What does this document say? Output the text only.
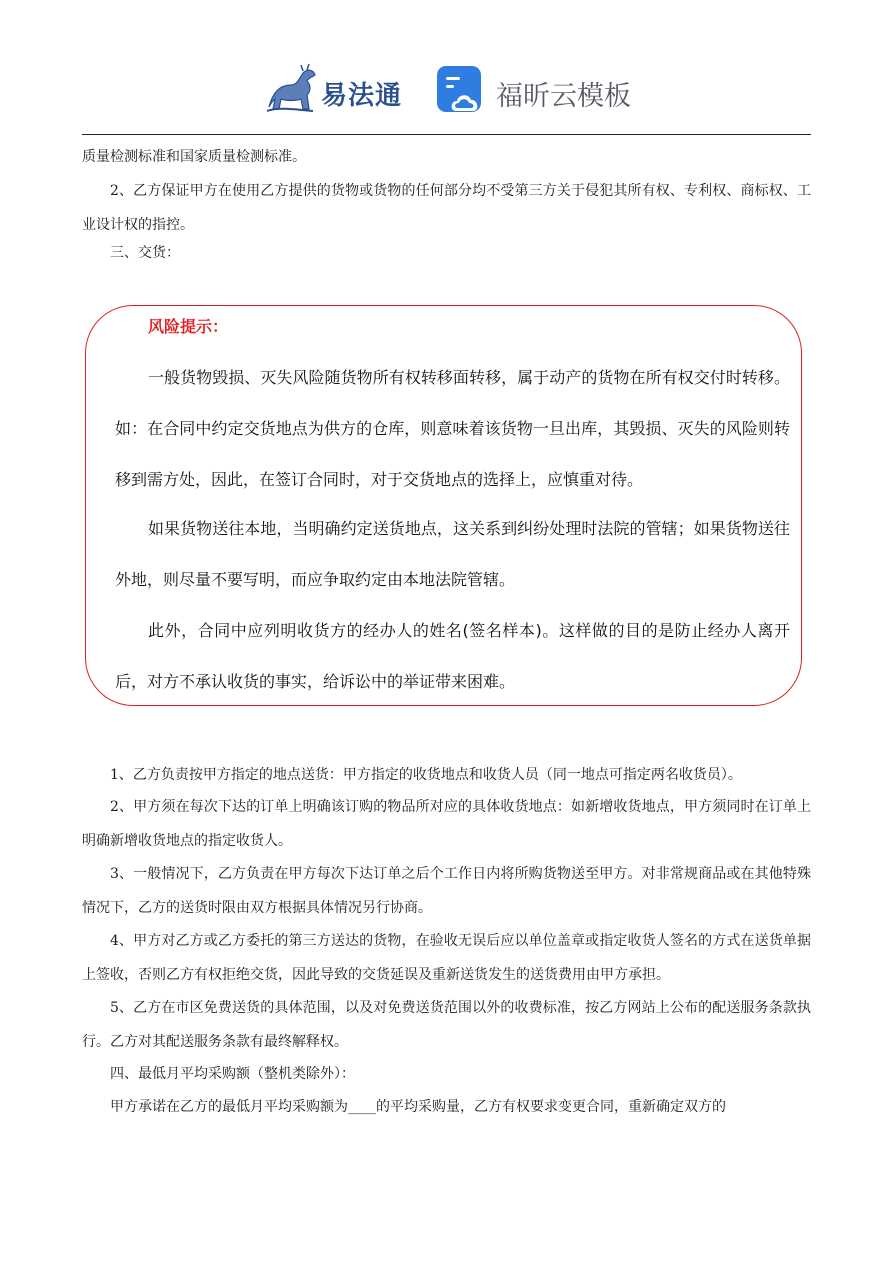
易法通	福昕云模板

质量检测标准和国家质量检测标准。

2、乙方保证甲方在使用乙方提供的货物或货物的任何部分均不受第三方关于侵犯其所有权、专利权、商标权、工业设计权的指控。

三、交货：

风险提示：

一般货物毁损、灭失风险随货物所有权转移面转移，属于动产的货物在所有权交付时转移。如：在合同中约定交货地点为供方的仓库，则意味着该货物一旦出库，其毁损、灭失的风险则转移到需方处，因此，在签订合同时，对于交货地点的选择上，应慎重对待。

如果货物送往本地，当明确约定送货地点，这关系到纠纷处理时法院的管辖；如果货物送往外地，则尽量不要写明，而应争取约定由本地法院管辖。

此外，合同中应列明收货方的经办人的姓名(签名样本)。这样做的目的是防止经办人离开后，对方不承认收货的事实，给诉讼中的举证带来困难。

1、乙方负责按甲方指定的地点送货：甲方指定的收货地点和收货人员（同一地点可指定两名收货员）。

2、甲方须在每次下达的订单上明确该订购的物品所对应的具体收货地点：如新增收货地点，甲方须同时在订单上明确新增收货地点的指定收货人。

3、一般情况下，乙方负责在甲方每次下达订单之后个工作日内将所购货物送至甲方。对非常规商品或在其他特殊情况下，乙方的送货时限由双方根据具体情况另行协商。

4、甲方对乙方或乙方委托的第三方送达的货物，在验收无误后应以单位盖章或指定收货人签名的方式在送货单据上签收，否则乙方有权拒绝交货，因此导致的交货延误及重新送货发生的送货费用由甲方承担。

5、乙方在市区免费送货的具体范围，以及对免费送货范围以外的收费标准，按乙方网站上公布的配送服务条款执行。乙方对其配送服务条款有最终解释权。

四、最低月平均采购额（整机类除外）：

甲方承诺在乙方的最低月平均采购额为____的平均采购量，乙方有权要求变更合同，重新确定双方的
